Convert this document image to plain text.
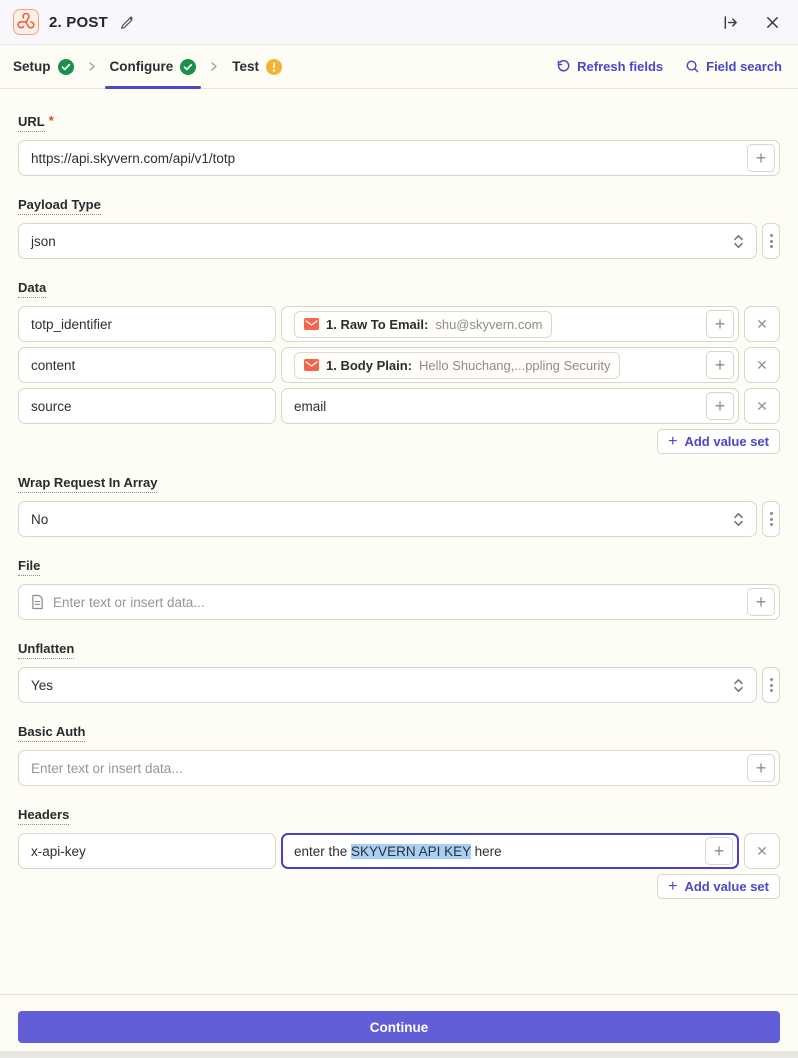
2. POST
Setup	Configure	Test	Refresh fields	Field search
URL *
https://api.skyvern.com/api/v1/totp	+
Payload Type
json
Data
totp_identifier	1. Raw To Email: shu@skyvern.com	+ ✕
content	1. Body Plain: Hello Shuchang,...ppling Security	+ ✕
source	email	+ ✕
+ Add value set
Wrap Request In Array
No
File
Enter text or insert data...	+
Unflatten
Yes
Basic Auth
Enter text or insert data...	+
Headers
x-api-key	enter the SKYVERN API KEY here	+ ✕
+ Add value set
Continue
